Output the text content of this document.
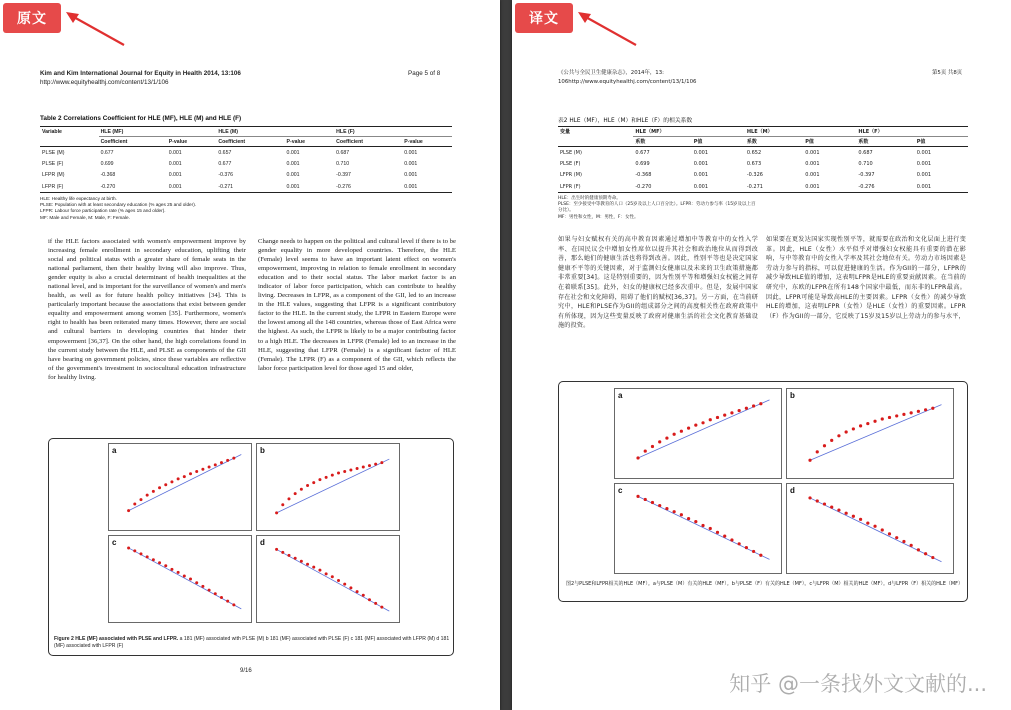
原文
Kim and Kim International Journal for Equity in Health 2014, 13:106
http://www.equityhealthj.com/content/13/1/106
Page 5 of 8
Table 2 Correlations Coefficient for HLE (MF), HLE (M) and HLE (F)
Variable	HLE (MF)		HLE (M)		HLE (F)	
	Coefficient	P-value	Coefficient	P-value	Coefficient	P-value
PLSE (M)	0.677	0.001	0.657	0.001	0.687	0.001
PLSE (F)	0.699	0.001	0.677	0.001	0.710	0.001
LFPR (M)	-0.368	0.001	-0.376	0.001	-0.397	0.001
LFPR (F)	-0.270	0.001	-0.271	0.001	-0.276	0.001
HLE: Healthy life expectancy at birth.
PLSE: Population with at least secondary education (% ages 25 and older).
LFPR: Labour force participation rate (% ages 15 and older).
MF: Male and Female, M: Male, F: Female.
if the HLE factors associated with women's empowerment improve by increasing female enrollment in secondary education, uplifting their social and political status with a greater share of female seats in the national parliament, then their healthy living will also improve. Thus, gender equity is also a crucial determinant of health inequalities at the national level, and is important for the surveillance of women's and men's health, as well as for future health policy initiatives [34]. This is particularly important because the associations that exist between gender equality and empowerment among women [35]. Furthermore, women's right to health has been reiterated many times. However, there are social and cultural barriers in developing countries that hinder their empowerment [36,37]. On the other hand, the high correlations found in the current study between the HLE, and PLSE as components of the GII have bearing on government policies, since these variables are reflective of the government's investment in sociocultural education infrastructure for healthy living.
Change needs to happen on the political and cultural level if there is to be gender equality in more developed countries. Therefore, the HLE (Female) level seems to have an important latent effect on women's empowerment, improving in relation to female enrollment in secondary education and to their social status. The labor market factor is an indicator of labor force participation, which can contribute to healthy living. Decreases in LFPR, as a component of the GII, led to an increase in the HLE values, suggesting that LFPR is a significant contributory factor to the HLE. In the current study, the LFPR in Eastern Europe were the lowest among all the 148 countries, whereas those of East Africa were the highest. As such, the LFPR is likely to be a major contributing factor to a high HLE. The decreases in LFPR (Female) led to an increase in the HLE, suggesting that LFPR (Female) is a significant factor of HLE (Female). The LFPR (F) as a component of the GII, which reflects the labor force participation level for those aged 15 and older,
a	b
c	d
Figure 2 HLE (MF) associated with PLSE and LFPR. a 181 (MF) associated with PLSE (M) b 181 (MF) associated with PLSE (F) c 181 (MF) associated with LFPR (M) d 181 (MF) associated with LFPR (F)
9/16
译文
《公共与全民卫生健康杂志》，2014年，13:
106http://www.equityhealthj.com/content/13/1/106
第5页 共8页
表2 HLE（MF），HLE（M）和HLE（F）的相关系数
变量	HLE（MF）		HLE（M）		HLE（F）	
	系数	P值	系数	P值	系数	P值
PLSE (M)	0.677	0.001	0.652	0.001	0.687	0.001
PLSE (F)	0.699	0.001	0.673	0.001	0.710	0.001
LFPR (M)	-0.368	0.001	-0.326	0.001	-0.397	0.001
LFPR (F)	-0.270	0.001	-0.271	0.001	-0.276	0.001
HLE：出生时的健康预期寿命。
PLSE：至少接受中等教育的人口（25岁及以上人口百分比）。LFPR：劳动力参与率（15岁及以上百分比）。
MF：男性和女性，M：男性，F：女性。
如果与妇女赋权有关的高中教育因素通过增加中等教育中的女性入学率、在国民议会中增加女性席位以提升其社会和政治地位从而得到改善，那么她们的健康生活也将得到改善。因此，性别平等也是决定国家健康不平等的关键因素，对于监测妇女健康以及未来的卫生政策措施都非常重要[34]。这是特别重要的，因为性别平等和增强妇女权能之间存在着联系[35]。此外，妇女的健康权已经多次重申。但是，发展中国家存在社会和文化障碍，阻碍了他们的赋权[36,37]。另一方面，在当前研究中，HLE和PLSE作为GII的组成部分之间的高度相关性在政府政策中有所体现，因为这些变量反映了政府对健康生活的社会文化教育基础设施的投资。
如果要在更发达国家实现性别平等，就需要在政治和文化层面上进行变革。因此，HLE（女性）水平似乎对增强妇女权能具有重要的潜在影响，与中等教育中的女性入学率及其社会地位有关。劳动力市场因素是劳动力参与的指标，可以促进健康的生活。作为GII的一部分，LFPR的减少导致HLE值的增加，这表明LFPR是HLE的重要贡献因素。在当前的研究中，东欧的LFPR在所有148个国家中最低，而东非的LFPR最高。因此，LFPR可能是导致高HLE的主要因素。LFPR（女性）的减少导致HLE的增加，这表明LFPR（女性）是HLE（女性）的重要因素。LFPR（F）作为GII的一部分，它反映了15岁及15岁以上劳动力的参与水平，
a	b
c	d
图2与PLSE和LFPR相关的HLE（MF）。a与PLSE（M）有关的HLE（MF）。b与PLSE（F）有关的HLE（MF）。c与LFPR（M）相关的HLE（MF）。d与LFPR（F）相关的HLE（MF）
知乎 @一条找外文文献的...
